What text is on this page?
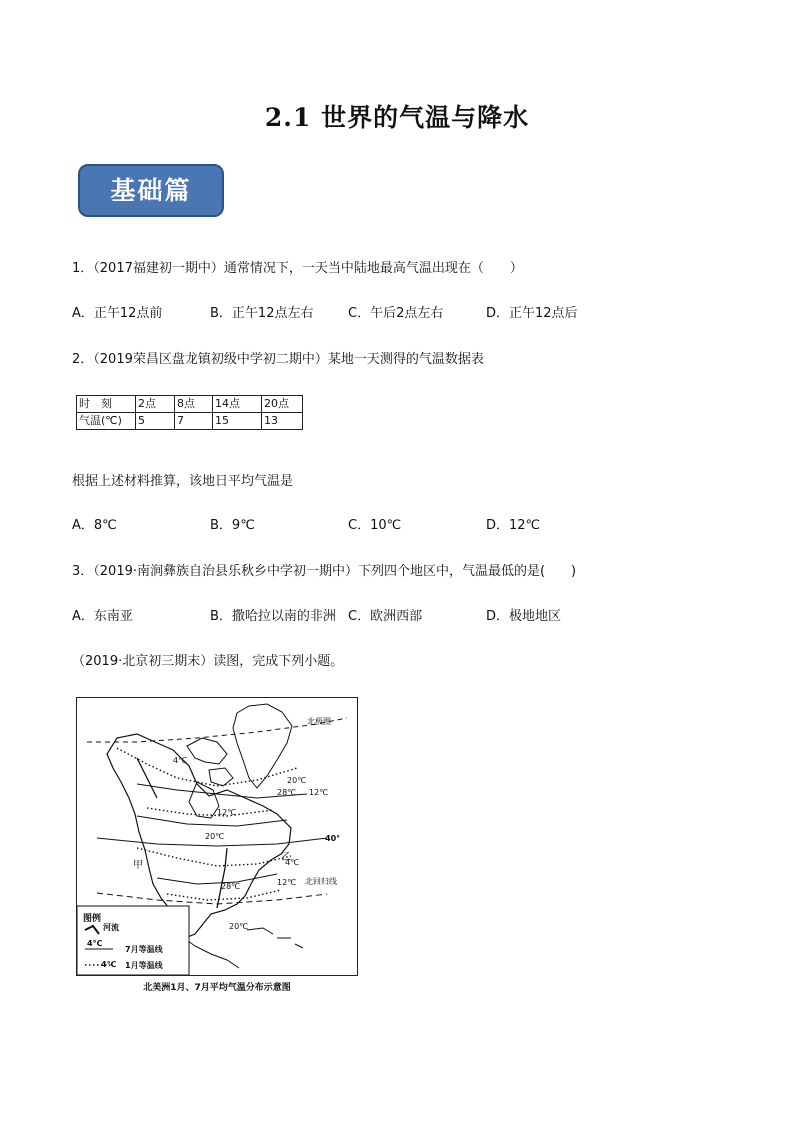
2.1 世界的气温与降水
基础篇
1．（2017福建初一期中）通常情况下，一天当中陆地最高气温出现在（　　）
A．正午12点前	B．正午12点左右	C．午后2点左右	D．正午12点后
2．（2019荣昌区盘龙镇初级中学初二期中）某地一天测得的气温数据表
时　刻	2点	8点	14点	20点
气温(℃)	5	7	15	13
根据上述材料推算，该地日平均气温是
A．8℃	B．9℃	C．10℃	D．12℃
3．（2019·南涧彝族自治县乐秋乡中学初一期中）下列四个地区中，气温最低的是(　　)
A．东南亚	B．撒哈拉以南的非洲 C．欧洲西部	D．极地地区
（2019·北京初三期末）读图，完成下列小题。
北极圈
北回归线
40°
甲
乙
4℃
28℃
20℃
12℃
12℃
20℃
4℃
28℃	12℃
20℃
图例
河流
4℃
7月等温线
4℃ 1月等温线
北美洲1月、7月平均气温分布示意图
